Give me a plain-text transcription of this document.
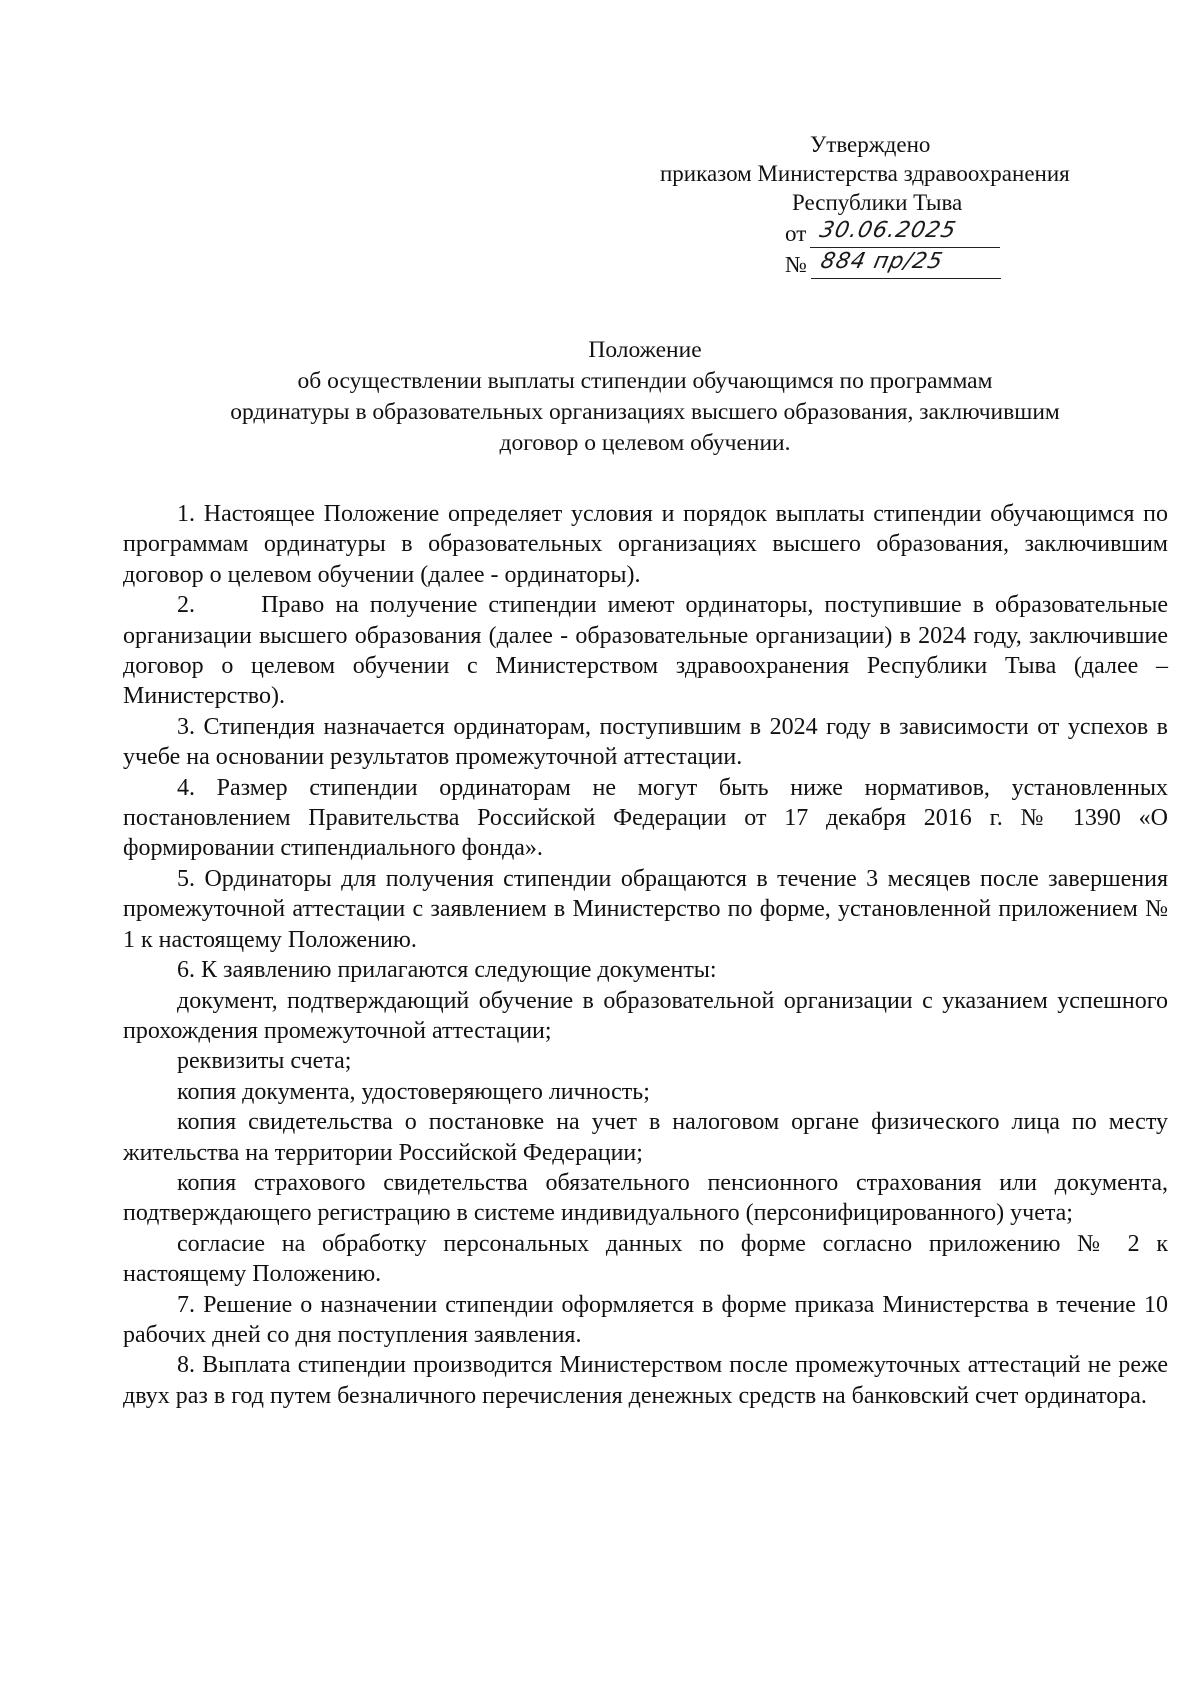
Утверждено
приказом Министерства здравоохранения
Республики Тыва
от 30.06.2025
№ 884 пр/25
Положение
об осуществлении выплаты стипендии обучающимся по программам
ординатуры в образовательных организациях высшего образования, заключившим
договор о целевом обучении.

1. Настоящее Положение определяет условия и порядок выплаты стипендии обучающимся по программам ординатуры в образовательных организациях высшего образования, заключившим договор о целевом обучении (далее - ординаторы).

2.      Право на получение стипендии имеют ординаторы, поступившие в образовательные организации высшего образования (далее - образовательные организации) в 2024 году, заключившие договор о целевом обучении с Министерством здравоохранения Республики Тыва (далее – Министерство).

3. Стипендия назначается ординаторам, поступившим в 2024 году в зависимости от успехов в учебе на основании результатов промежуточной аттестации.

4. Размер стипендии ординаторам не могут быть ниже нормативов, установленных постановлением Правительства Российской Федерации от 17 декабря 2016 г. № 1390 «О формировании стипендиального фонда».

5. Ординаторы для получения стипендии обращаются в течение 3 месяцев после завершения промежуточной аттестации с заявлением в Министерство по форме, установленной приложением № 1 к настоящему Положению.

6. К заявлению прилагаются следующие документы:

документ, подтверждающий обучение в образовательной организации с указанием успешного прохождения промежуточной аттестации;

реквизиты счета;

копия документа, удостоверяющего личность;

копия свидетельства о постановке на учет в налоговом органе физического лица по месту жительства на территории Российской Федерации;

копия страхового свидетельства обязательного пенсионного страхования или документа, подтверждающего регистрацию в системе индивидуального (персонифицированного) учета;

согласие на обработку персональных данных по форме согласно приложению № 2 к настоящему Положению.

7. Решение о назначении стипендии оформляется в форме приказа Министерства в течение 10 рабочих дней со дня поступления заявления.

8. Выплата стипендии производится Министерством после промежуточных аттестаций не реже двух раз в год путем безналичного перечисления денежных средств на банковский счет ординатора.
